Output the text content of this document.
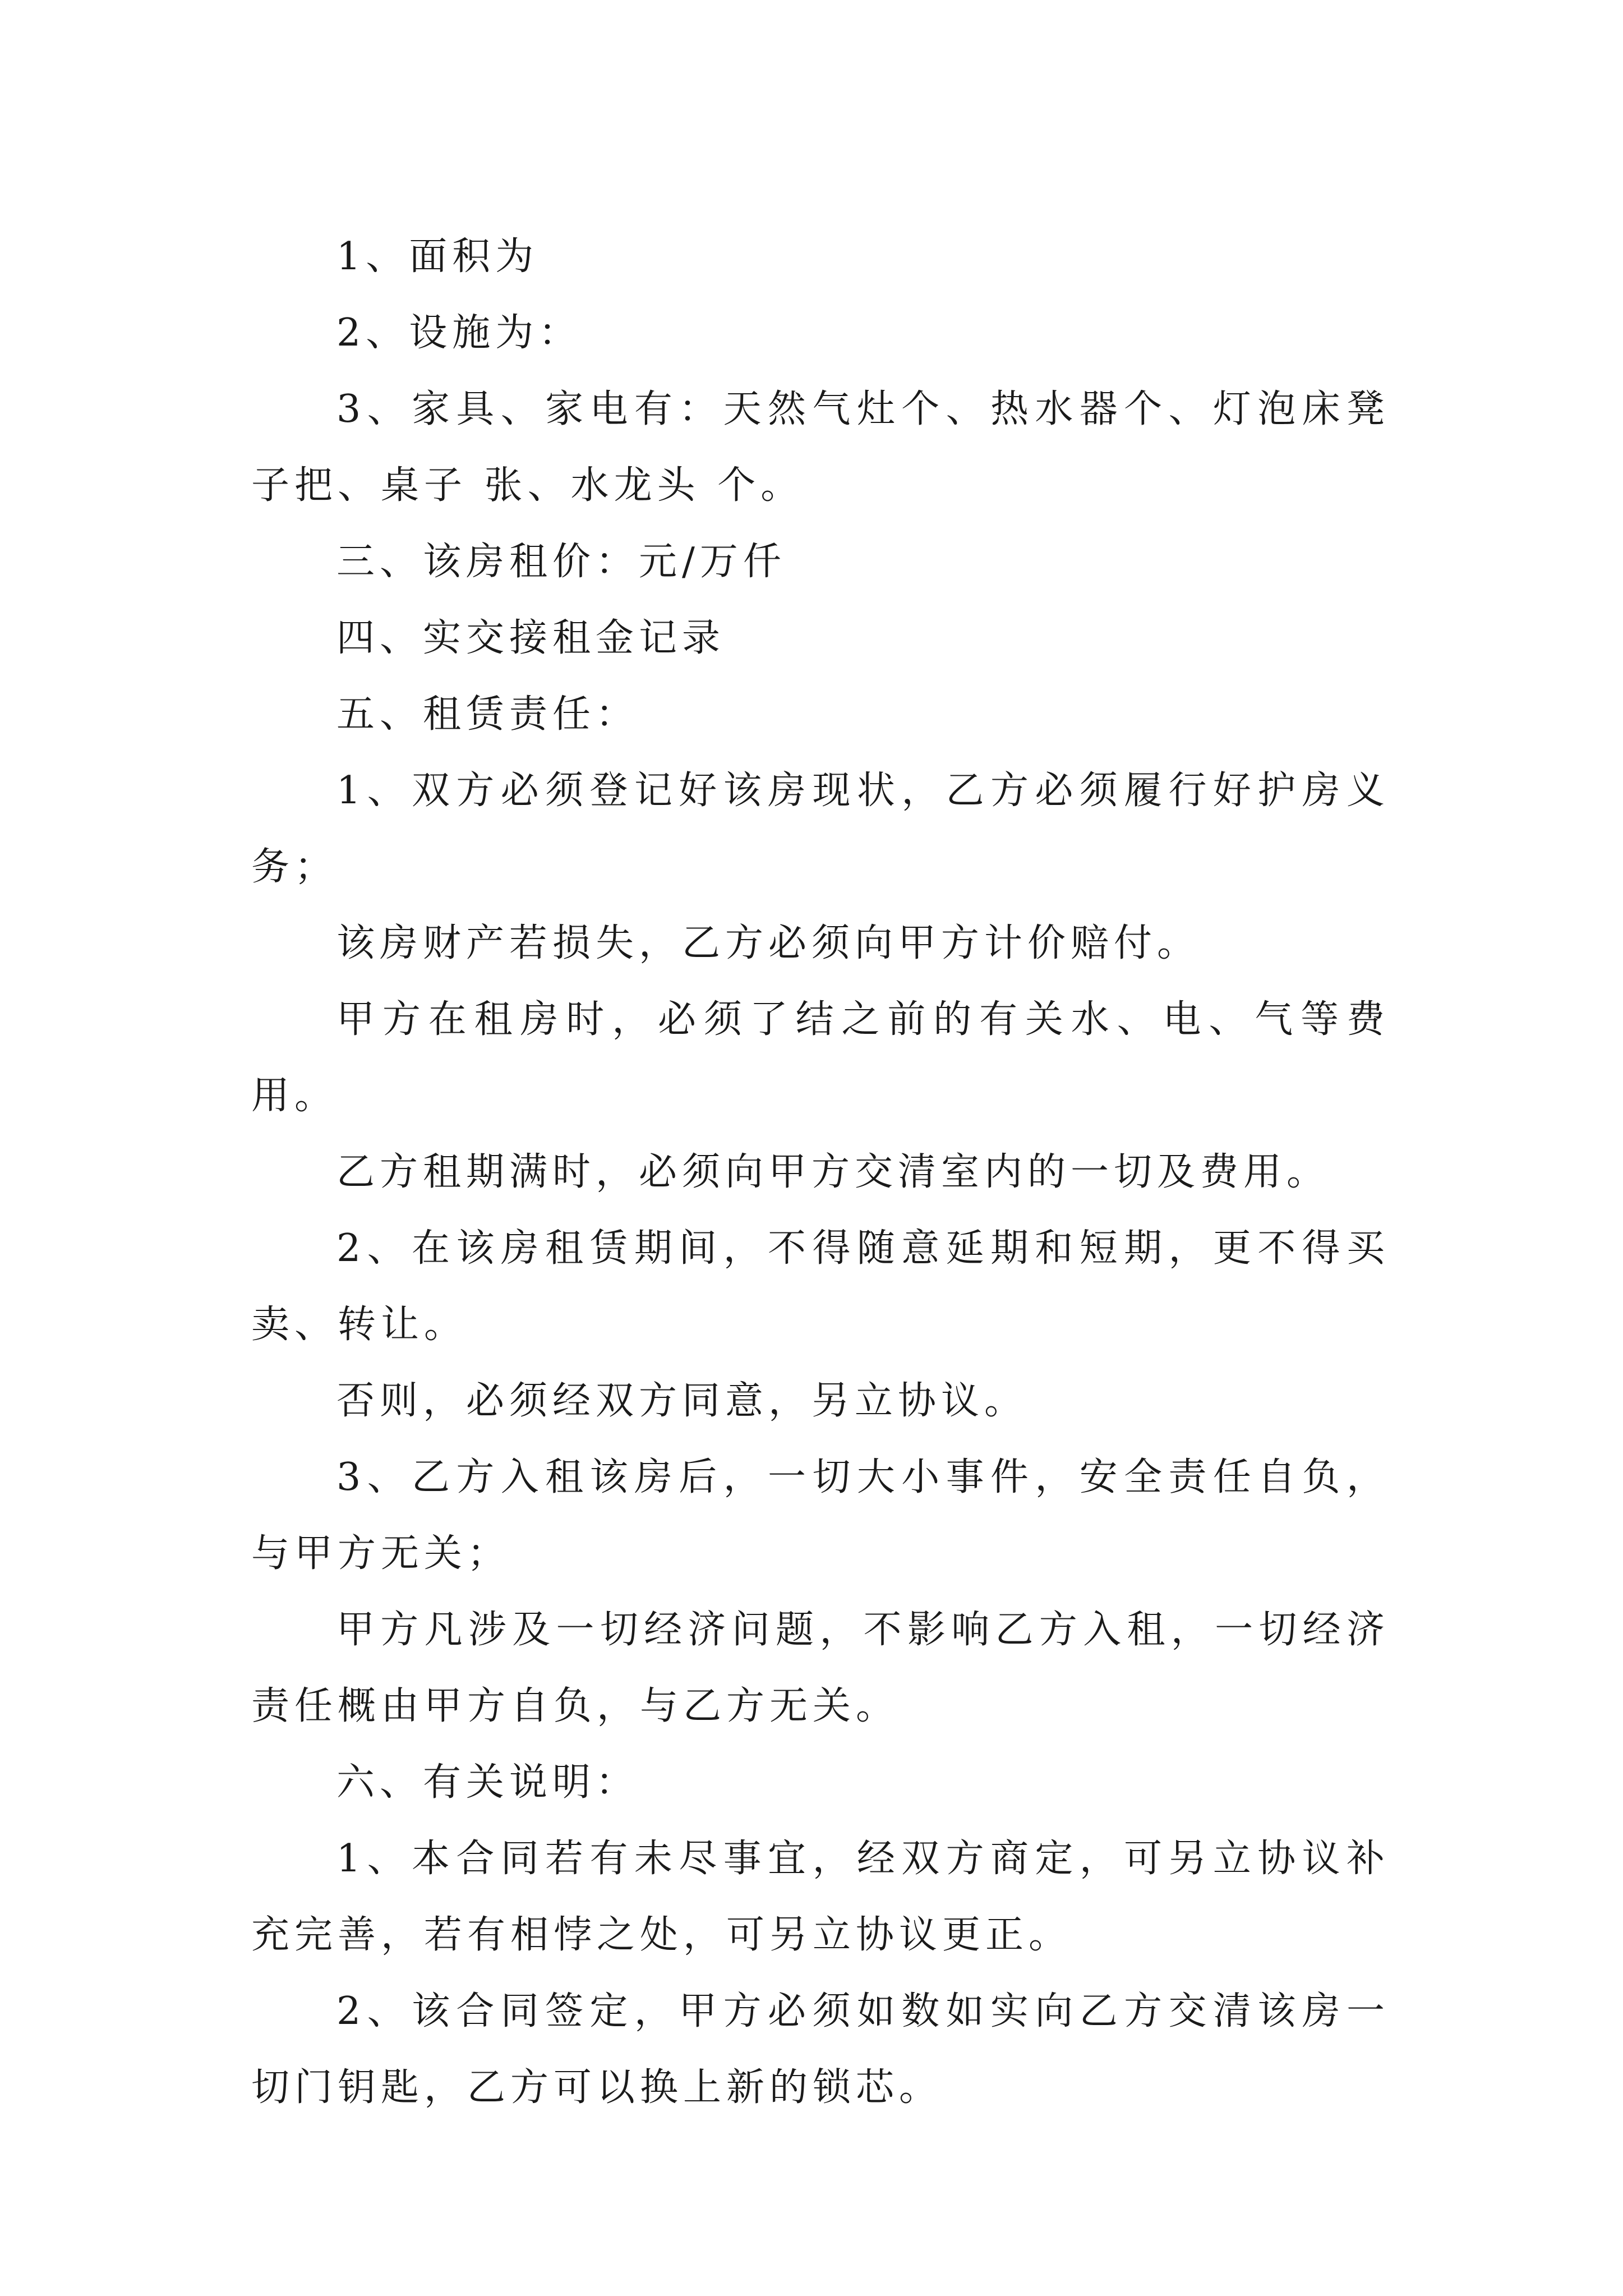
1、面积为

2、设施为：

3、家具、家电有：天然气灶个、热水器个、灯泡床凳子把、桌子 张、水龙头 个。

三、该房租价：元/万仟

四、实交接租金记录

五、租赁责任：

1、双方必须登记好该房现状，乙方必须履行好护房义务；

该房财产若损失，乙方必须向甲方计价赔付。

甲方在租房时，必须了结之前的有关水、电、气等费用。

乙方租期满时，必须向甲方交清室内的一切及费用。

2、在该房租赁期间，不得随意延期和短期，更不得买卖、转让。

否则，必须经双方同意，另立协议。

3、乙方入租该房后，一切大小事件，安全责任自负，与甲方无关；

甲方凡涉及一切经济问题，不影响乙方入租，一切经济责任概由甲方自负，与乙方无关。

六、有关说明：

1、本合同若有未尽事宜，经双方商定，可另立协议补充完善，若有相悖之处，可另立协议更正。

2、该合同签定，甲方必须如数如实向乙方交清该房一切门钥匙，乙方可以换上新的锁芯。
